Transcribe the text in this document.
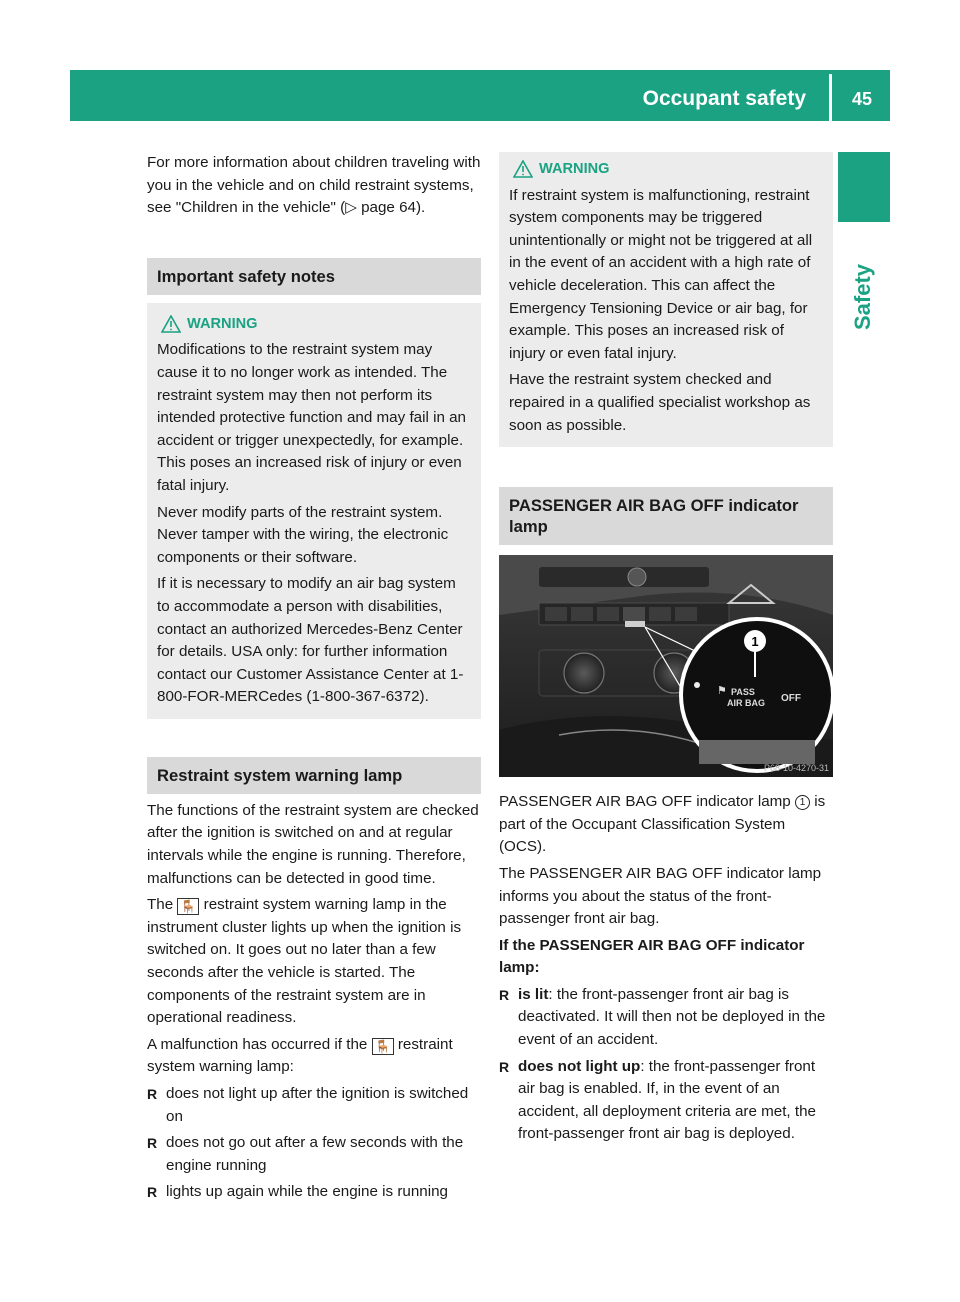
Occupant safety	45
Safety

For more information about children traveling with you in the vehicle and on child restraint systems, see "Children in the vehicle" (▷ page 64).

Important safety notes
WARNING

Modifications to the restraint system may cause it to no longer work as intended. The restraint system may then not perform its intended protective function and may fail in an accident or trigger unexpectedly, for example. This poses an increased risk of injury or even fatal injury.

Never modify parts of the restraint system. Never tamper with the wiring, the electronic components or their software.

If it is necessary to modify an air bag system to accommodate a person with disabilities, contact an authorized Mercedes-Benz Center for details. USA only: for further information contact our Customer Assistance Center at 1-800-FOR-MERCedes (1-800-367-6372).

Restraint system warning lamp

The functions of the restraint system are checked after the ignition is switched on and at regular intervals while the engine is running. Therefore, malfunctions can be detected in good time.

The 🪑 restraint system warning lamp in the instrument cluster lights up when the ignition is switched on. It goes out no later than a few seconds after the vehicle is started. The components of the restraint system are in operational readiness.

A malfunction has occurred if the 🪑 restraint system warning lamp:

R does not light up after the ignition is switched on
R does not go out after a few seconds with the engine running
R lights up again while the engine is running
WARNING

If restraint system is malfunctioning, restraint system components may be triggered unintentionally or might not be triggered at all in the event of an accident with a high rate of vehicle deceleration. This can affect the Emergency Tensioning Device or air bag, for example. This poses an increased risk of injury or even fatal injury.

Have the restraint system checked and repaired in a qualified specialist workshop as soon as possible.

PASSENGER AIR BAG OFF indicator lamp
1
⚑ PASS
AIR BAG OFF
P68-10-4270-31

PASSENGER AIR BAG OFF indicator lamp 1 is part of the Occupant Classification System (OCS).

The PASSENGER AIR BAG OFF indicator lamp informs you about the status of the front-passenger front air bag.

If the PASSENGER AIR BAG OFF indicator lamp:

R is lit: the front-passenger front air bag is deactivated. It will then not be deployed in the event of an accident.
R does not light up: the front-passenger front air bag is enabled. If, in the event of an accident, all deployment criteria are met, the front-passenger front air bag is deployed.
